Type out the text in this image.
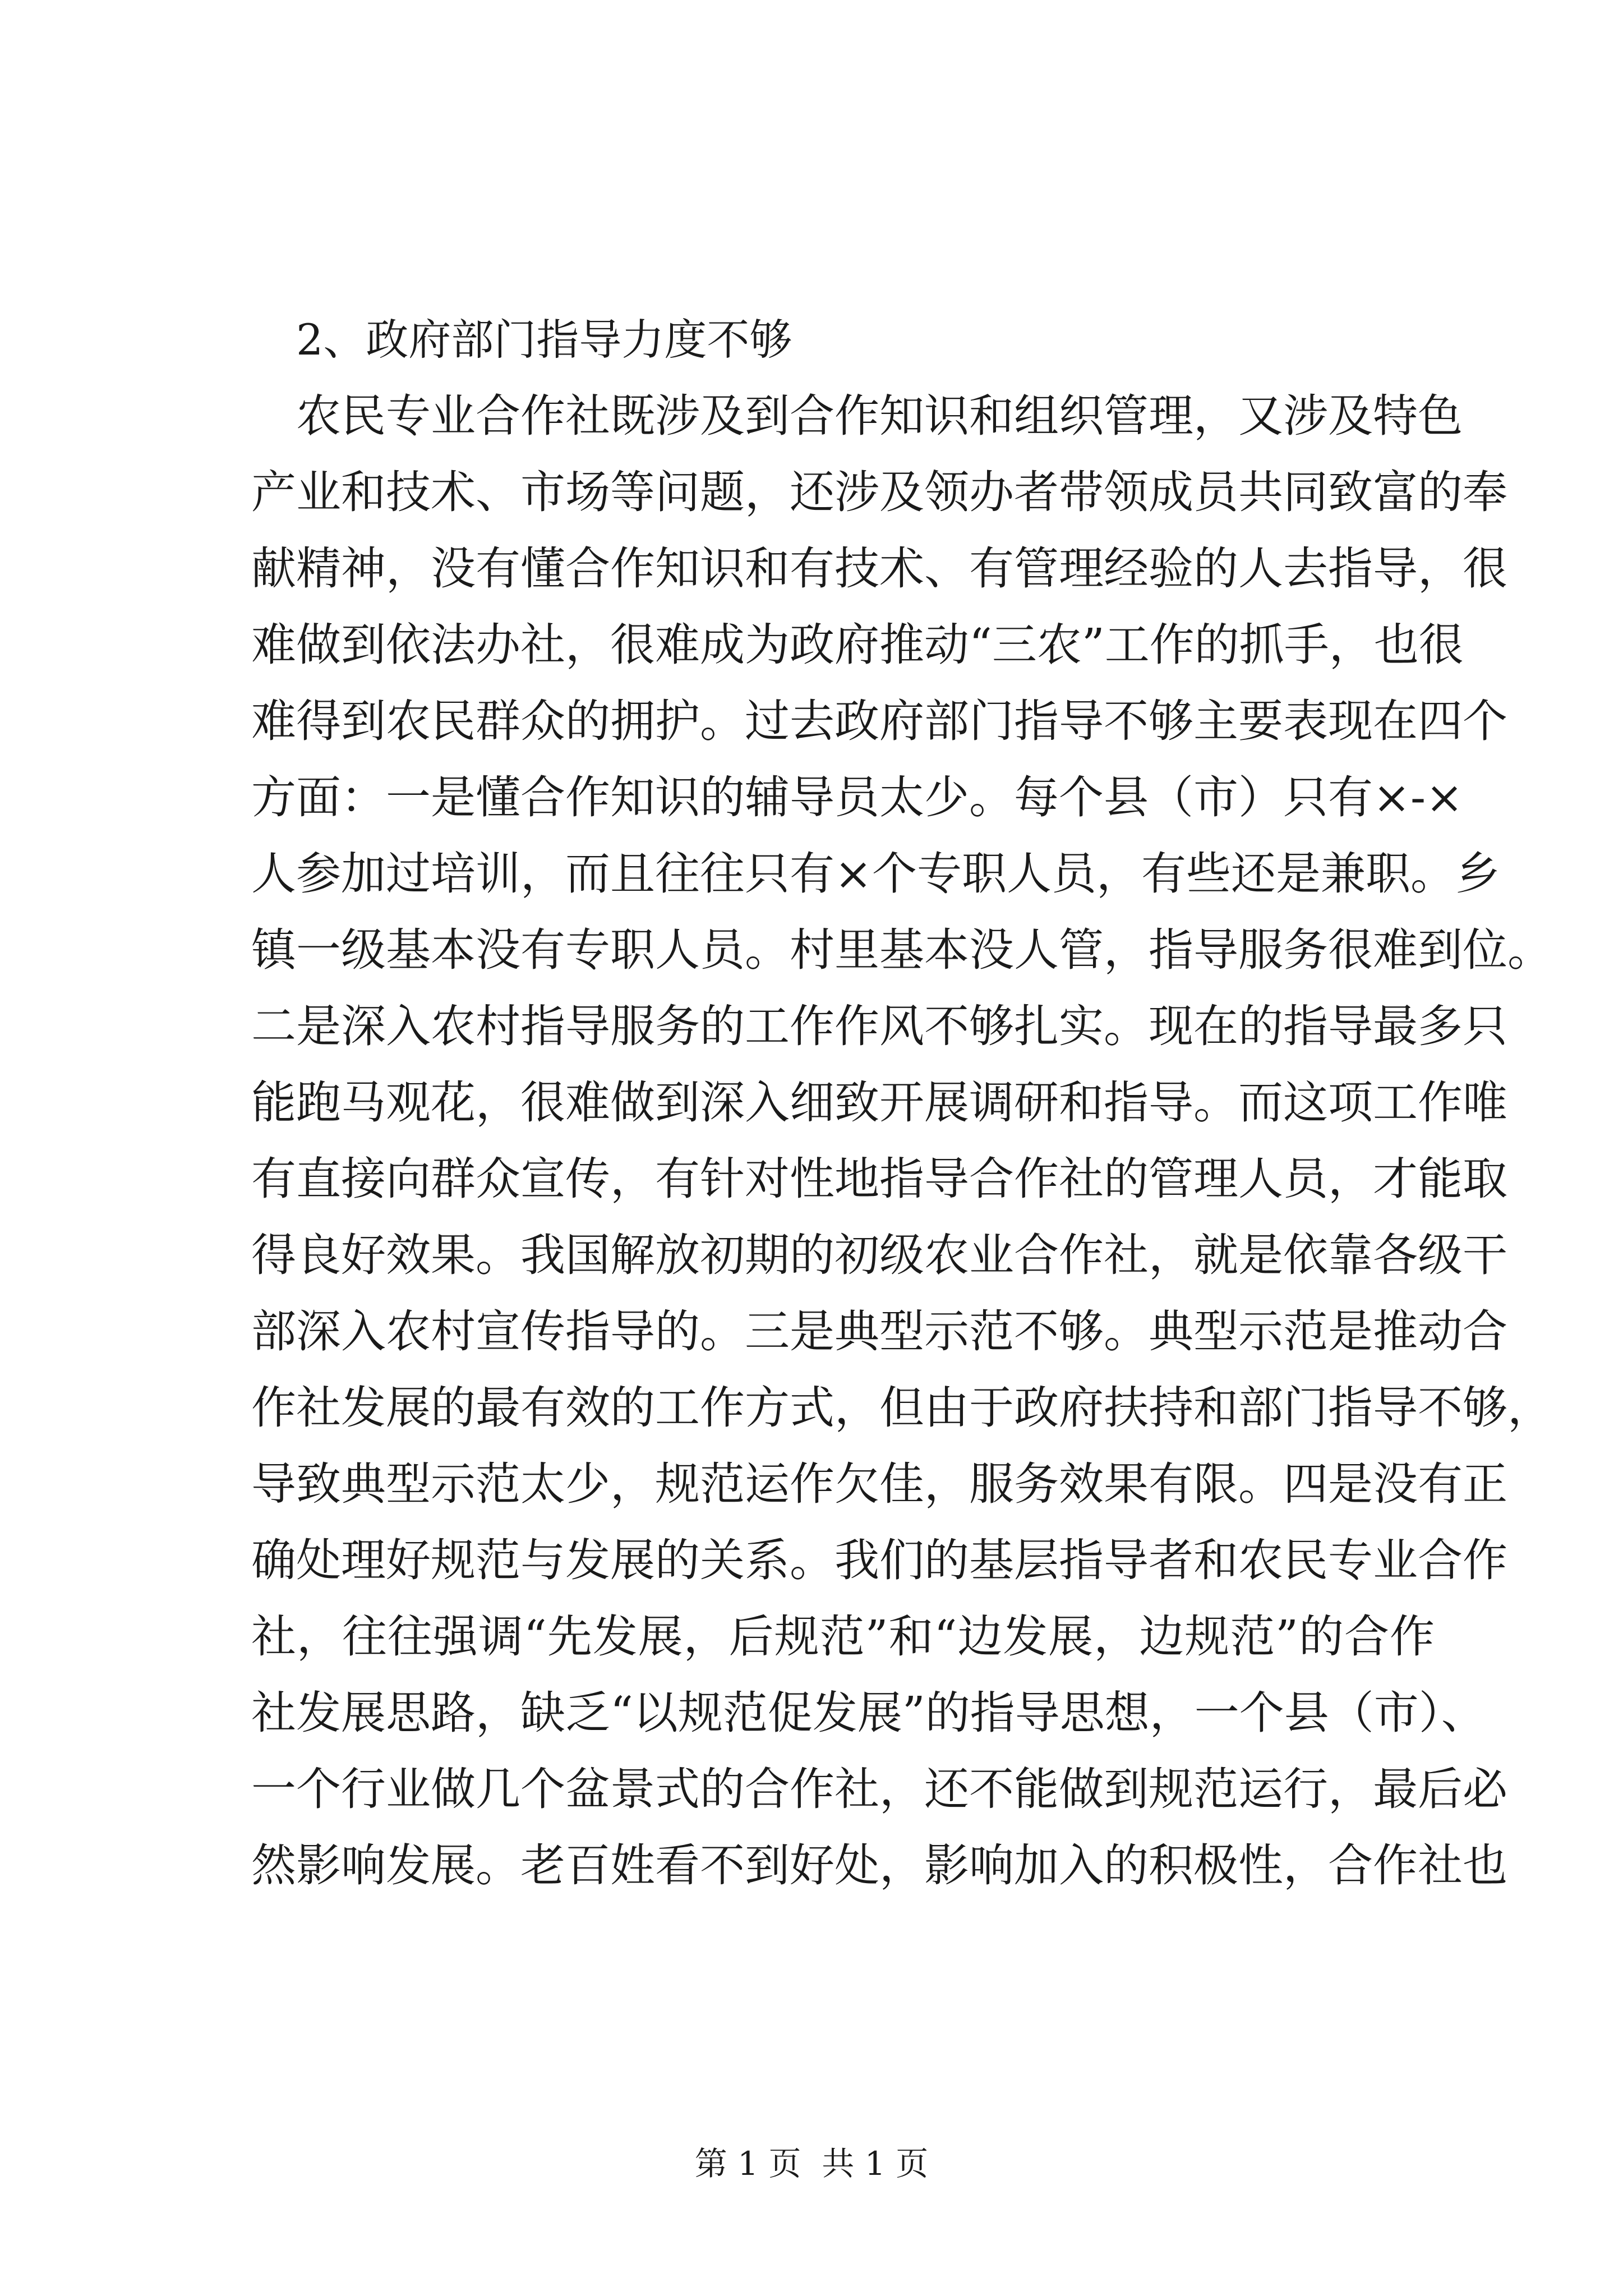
2、政府部门指导力度不够

农民专业合作社既涉及到合作知识和组织管理，又涉及特色

产业和技术、市场等问题，还涉及领办者带领成员共同致富的奉

献精神，没有懂合作知识和有技术、有管理经验的人去指导，很

难做到依法办社，很难成为政府推动“三农”工作的抓手，也很

难得到农民群众的拥护。过去政府部门指导不够主要表现在四个

方面：一是懂合作知识的辅导员太少。每个县（市）只有×-×

人参加过培训，而且往往只有×个专职人员，有些还是兼职。乡

镇一级基本没有专职人员。村里基本没人管，指导服务很难到位。

二是深入农村指导服务的工作作风不够扎实。现在的指导最多只

能跑马观花，很难做到深入细致开展调研和指导。而这项工作唯

有直接向群众宣传，有针对性地指导合作社的管理人员，才能取

得良好效果。我国解放初期的初级农业合作社，就是依靠各级干

部深入农村宣传指导的。三是典型示范不够。典型示范是推动合

作社发展的最有效的工作方式，但由于政府扶持和部门指导不够，

导致典型示范太少，规范运作欠佳，服务效果有限。四是没有正

确处理好规范与发展的关系。我们的基层指导者和农民专业合作

社，往往强调“先发展，后规范”和“边发展，边规范”的合作

社发展思路，缺乏“以规范促发展”的指导思想，一个县（市）、

一个行业做几个盆景式的合作社，还不能做到规范运行，最后必

然影响发展。老百姓看不到好处，影响加入的积极性，合作社也

第 1 页  共 1 页
